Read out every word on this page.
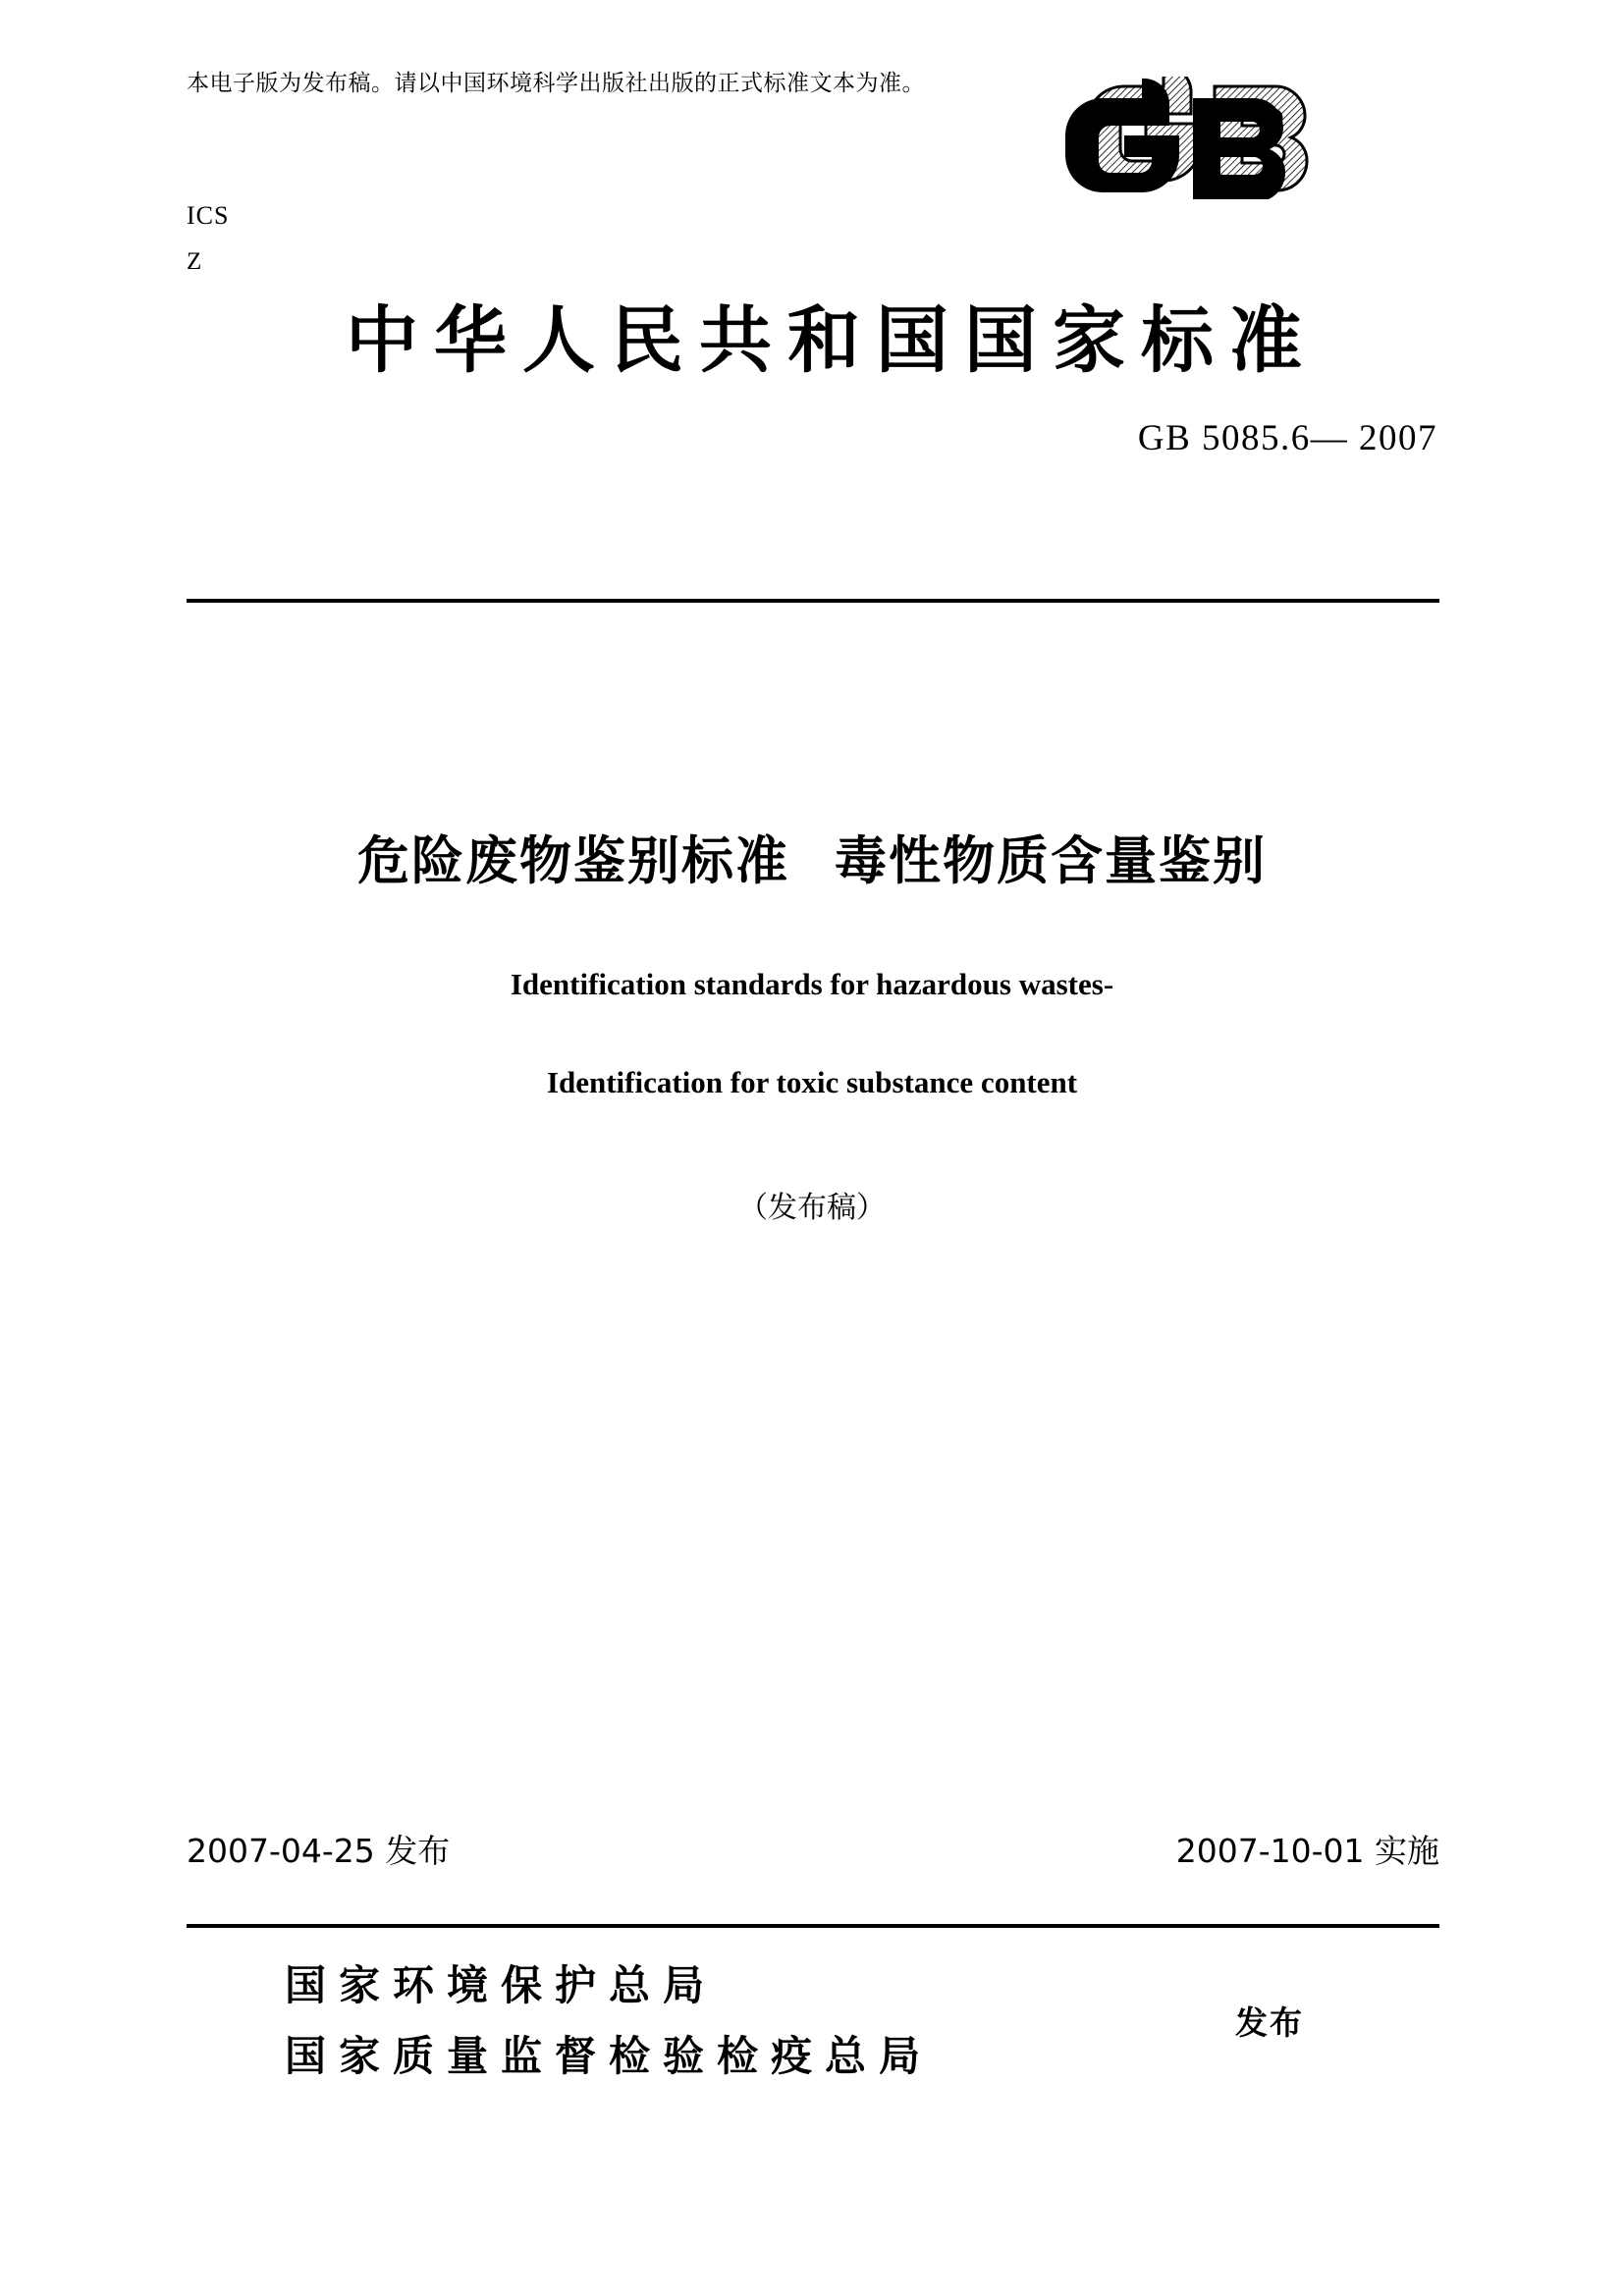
本电子版为发布稿。请以中国环境科学出版社出版的正式标准文本为准。
ICS
Z
中华人民共和国国家标准
GB 5085.6— 2007
危险废物鉴别标准 毒性物质含量鉴别
Identification standards for hazardous wastes-
Identification for toxic substance content
（发布稿）
2007-04-25 发布	2007-10-01 实施
国家环境保护总局
国家质量监督检验检疫总局
发布
